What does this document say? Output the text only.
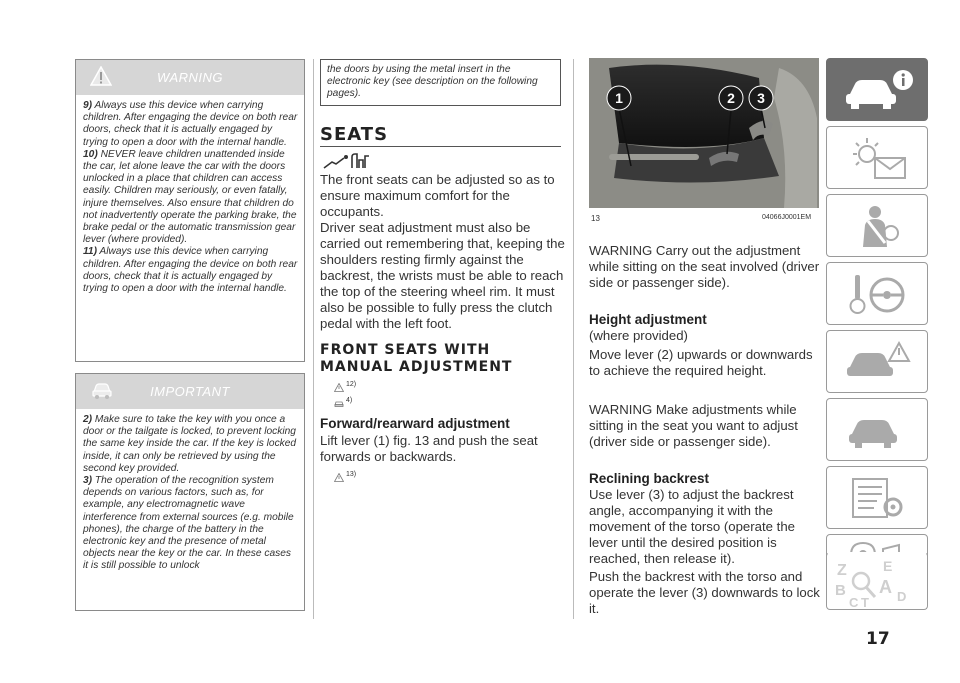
WARNING

9) Always use this device when carrying children. After engaging the device on both rear doors, check that it is actually engaged by trying to open a door with the internal handle.

10) NEVER leave children unattended inside the car, let alone leave the car with the doors unlocked in a place that children can access easily. Children may seriously, or even fatally, injure themselves. Also ensure that children do not inadvertently operate the parking brake, the brake pedal or the automatic transmission gear lever (where provided).

11) Always use this device when carrying children. After engaging the device on both rear doors, check that it is actually engaged by trying to open a door with the internal handle.

IMPORTANT

2) Make sure to take the key with you once a door or the tailgate is locked, to prevent locking the same key inside the car. If the key is locked inside, it can only be retrieved by using the second key provided.

3) The operation of the recognition system depends on various factors, such as, for example, any electromagnetic wave interference from external sources (e.g. mobile phones), the charge of the battery in the electronic key and the presence of metal objects near the key or the car. In these cases it is still possible to unlock

the doors by using the metal insert in the electronic key (see description on the following pages).
SEATS
The front seats can be adjusted so as to ensure maximum comfort for the occupants.
Driver seat adjustment must also be carried out remembering that, keeping the shoulders resting firmly against the backrest, the wrists must be able to reach the top of the steering wheel rim. It must also be possible to fully press the clutch pedal with the left foot.
FRONT SEATS WITH
MANUAL ADJUSTMENT
12)
4)
Forward/rearward adjustment
Lift lever (1) fig. 13 and push the seat forwards or backwards.
13)
1	2 3
13	04066J0001EM
WARNING Carry out the adjustment while sitting on the seat involved (driver side or passenger side).
Height adjustment
(where provided)
Move lever (2) upwards or downwards to achieve the required height.
WARNING Make adjustments while sitting in the seat you want to adjust (driver side or passenger side).
Reclining backrest
Use lever (3) to adjust the backrest angle, accompanying it with the movement of the torso (operate the lever until the desired position is reached, then release it).
Push the backrest with the torso and operate the lever (3) downwards to lock it.
Z	E
B A
C T D
17
